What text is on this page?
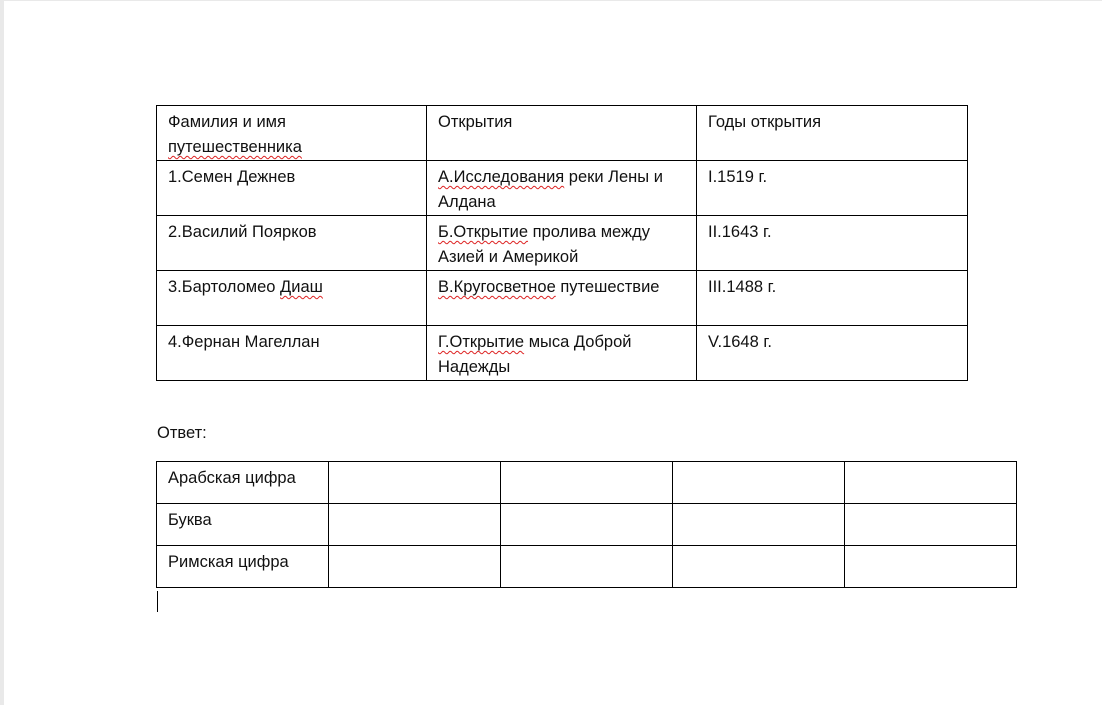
Фамилия и имя
путешественника	Открытия	Годы открытия
1.Семен Дежнев	А.Исследования реки Лены и Алдана	I.1519 г.
2.Василий Поярков	Б.Открытие пролива между Азией и Америкой	II.1643 г.
3.Бартоломео Диаш	В.Кругосветное путешествие	III.1488 г.
4.Фернан Магеллан	Г.Открытие мыса Доброй Надежды	V.1648 г.
Ответ:
Арабская цифра				
Буква				
Римская цифра				
